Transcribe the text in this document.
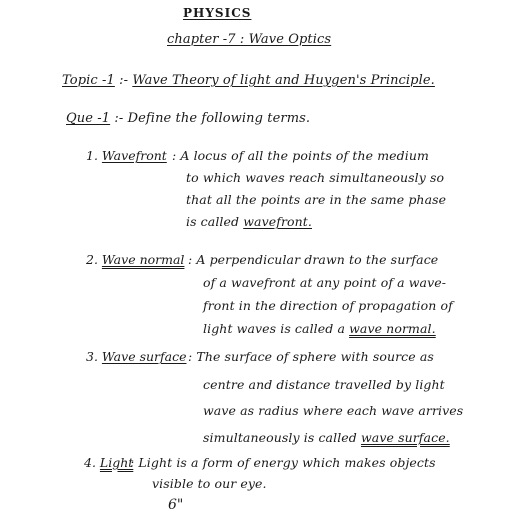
PHYSICS
chapter -7 : Wave Optics
Topic -1 :- Wave Theory of light and Huygen's Principle.
Que -1 :- Define the following terms.
1. Wavefront : A locus of all the points of the medium
to which waves reach simultaneously so
that all the points are in the same phase
is called wavefront.
2. Wave normal : A perpendicular drawn to the surface
of a wavefront at any point of a wave-
front in the direction of propagation of
light waves is called a wave normal.
3. Wave surface : The surface of sphere with source as
centre and distance travelled by light
wave as radius where each wave arrives
simultaneously is called wave surface.
4. Light
: Light is a form of energy which makes objects
visible to our eye.
6"
